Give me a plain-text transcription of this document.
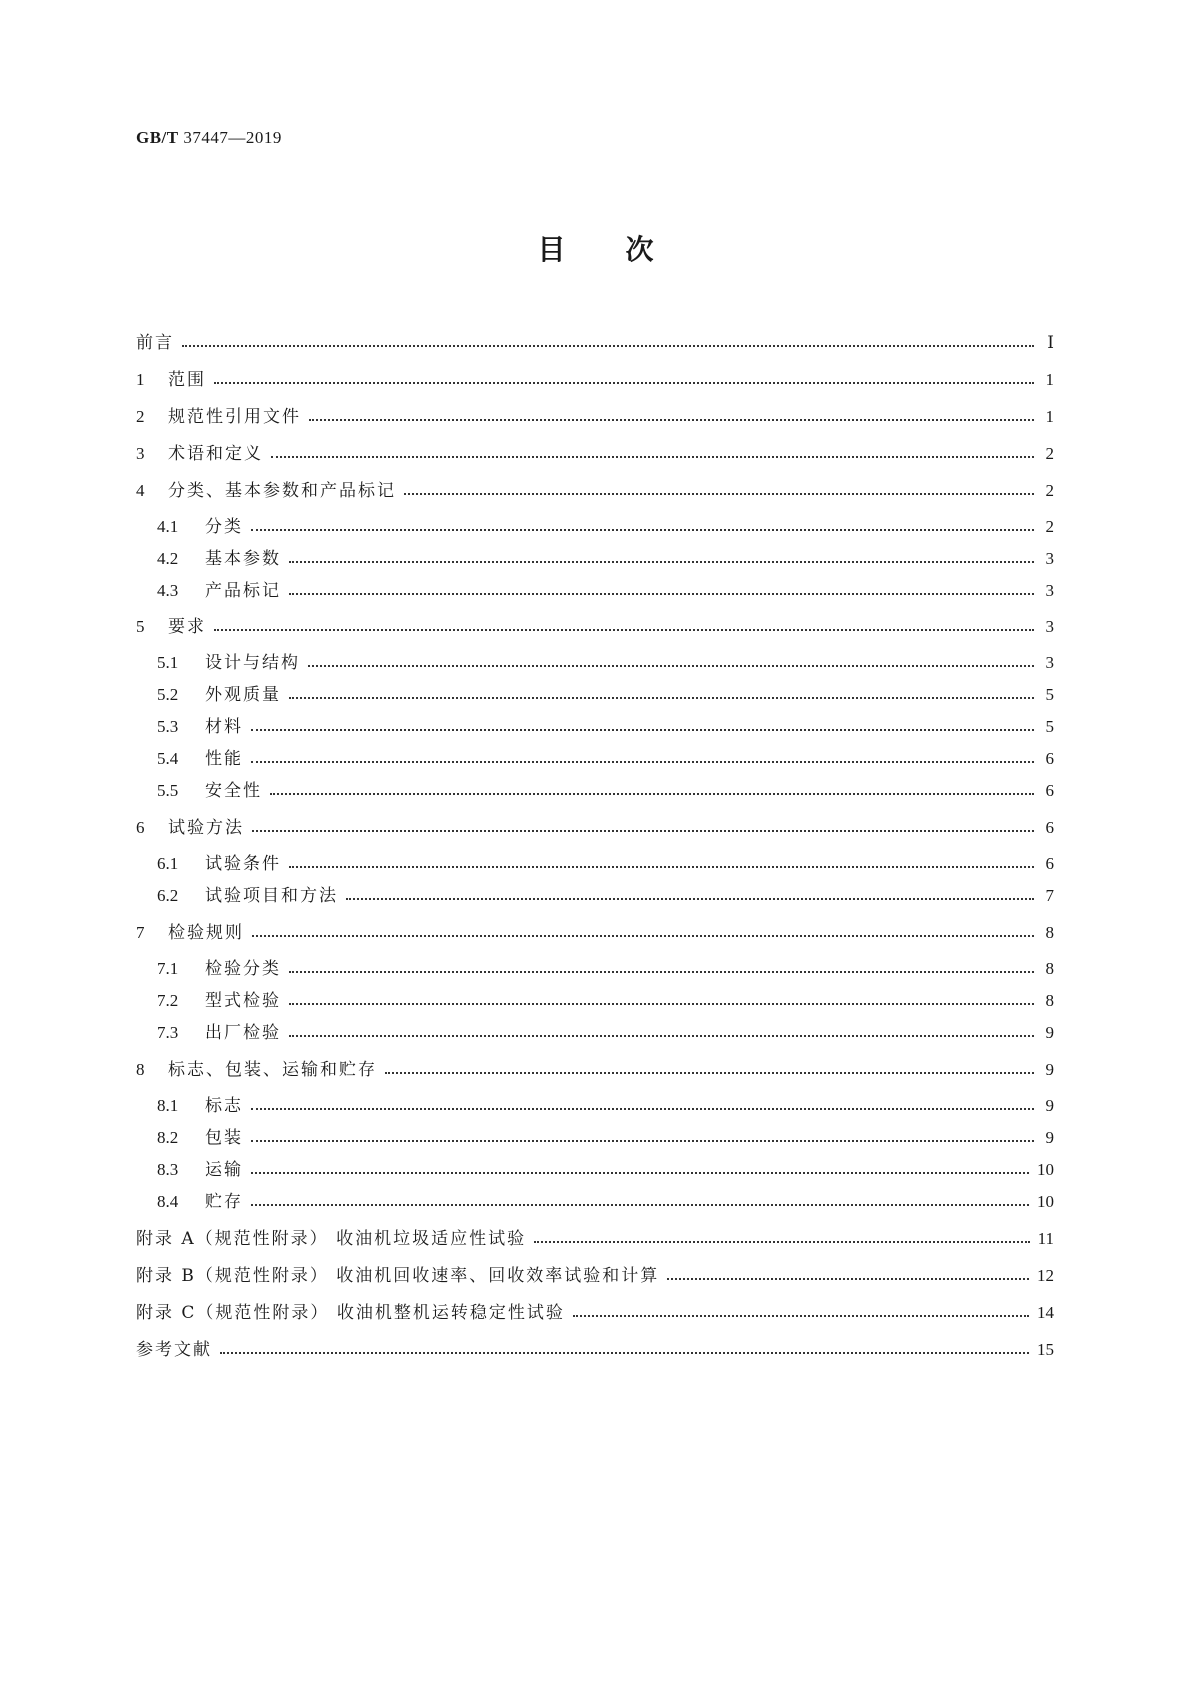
GB/T 37447—2019
目次
前言	Ⅰ
1	范围	1
2	规范性引用文件	1
3	术语和定义	2
4	分类、基本参数和产品标记	2
4.1	分类	2
4.2	基本参数	3
4.3	产品标记	3
5	要求	3
5.1	设计与结构	3
5.2	外观质量	5
5.3	材料	5
5.4	性能	6
5.5	安全性	6
6	试验方法	6
6.1	试验条件	6
6.2	试验项目和方法	7
7	检验规则	8
7.1	检验分类	8
7.2	型式检验	8
7.3	出厂检验	9
8	标志、包装、运输和贮存	9
8.1	标志	9
8.2	包装	9
8.3	运输	10
8.4	贮存	10
附录 A（规范性附录） 收油机垃圾适应性试验	11
附录 B（规范性附录） 收油机回收速率、回收效率试验和计算	12
附录 C（规范性附录） 收油机整机运转稳定性试验	14
参考文献	15
